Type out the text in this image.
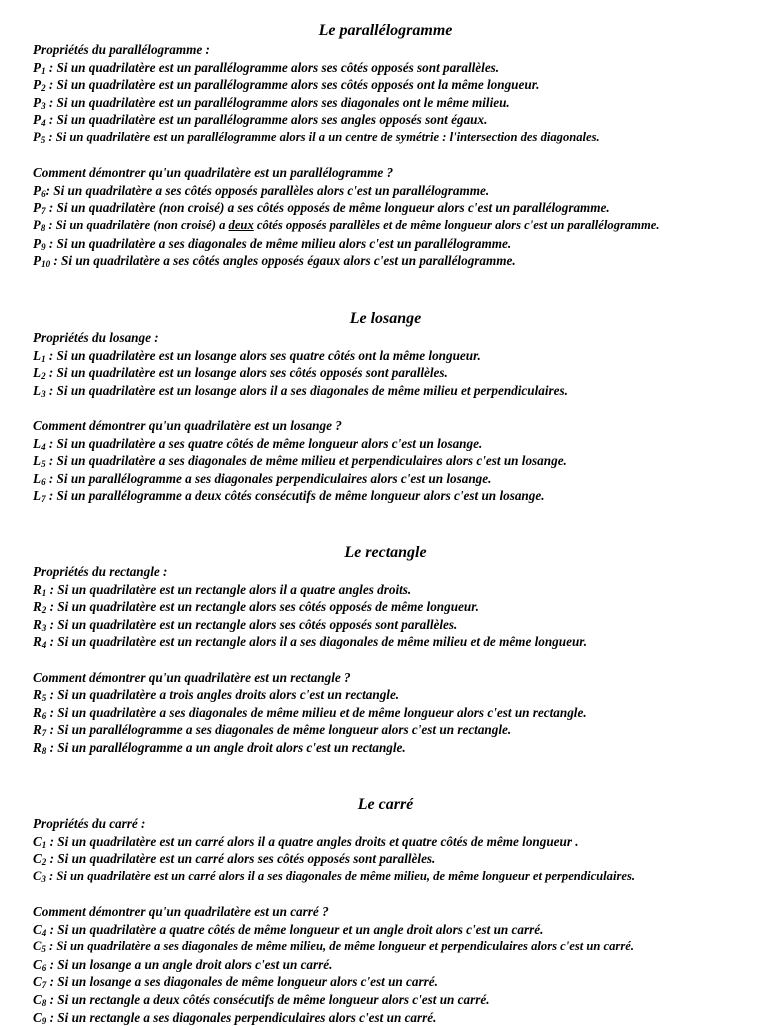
Le parallélogramme
Propriétés du parallélogramme :
$P_1$ : Si un quadrilatère est un parallélogramme alors ses côtés opposés sont parallèles.
$P_2$ : Si un quadrilatère est un parallélogramme alors ses côtés opposés ont la même longueur.
$P_3$ : Si un quadrilatère est un parallélogramme alors ses diagonales ont le même milieu.
$P_4$ : Si un quadrilatère est un parallélogramme alors ses angles opposés sont égaux.
$P_5$ : Si un quadrilatère est un parallélogramme alors il a un centre de symétrie : l'intersection des diagonales.
Comment démontrer qu'un quadrilatère est un parallélogramme ?
$P_6$: Si un quadrilatère a ses côtés opposés parallèles alors c'est un parallélogramme.
$P_7$ : Si un quadrilatère (non croisé) a ses côtés opposés de même longueur alors c'est un parallélogramme.
$P_8$ : Si un quadrilatère (non croisé) a deux côtés opposés parallèles et de même longueur alors c'est un parallélogramme.
$P_9$ : Si un quadrilatère a ses diagonales de même milieu alors c'est un parallélogramme.
$P_{10}$ : Si un quadrilatère a ses côtés angles opposés égaux alors c'est un parallélogramme.
Le losange
Propriétés du losange :
$L_1$ : Si un quadrilatère est un losange alors ses quatre côtés ont la même longueur.
$L_2$ : Si un quadrilatère est un losange alors ses côtés opposés sont parallèles.
$L_3$ : Si un quadrilatère est un losange alors il a ses diagonales de même milieu et perpendiculaires.
Comment démontrer qu'un quadrilatère est un losange ?
$L_4$ : Si un quadrilatère a ses quatre côtés de même longueur alors c'est un losange.
$L_5$ : Si un quadrilatère a ses diagonales de même milieu et perpendiculaires alors c'est un losange.
$L_6$ : Si un parallélogramme a ses diagonales perpendiculaires alors c'est un losange.
$L_7$ : Si un parallélogramme a deux côtés consécutifs de même longueur alors c'est un losange.
Le rectangle
Propriétés du rectangle :
$R_1$ : Si un quadrilatère est un rectangle alors il a quatre angles droits.
$R_2$ : Si un quadrilatère est un rectangle alors ses côtés opposés de même longueur.
$R_3$ : Si un quadrilatère est un rectangle alors ses côtés opposés sont parallèles.
$R_4$ : Si un quadrilatère est un rectangle alors il a ses diagonales de même milieu et de même longueur.
Comment démontrer qu'un quadrilatère est un rectangle ?
$R_5$ : Si un quadrilatère a trois angles droits alors c'est un rectangle.
$R_6$ : Si un quadrilatère a ses diagonales de même milieu et de même longueur alors c'est un rectangle.
$R_7$ : Si un parallélogramme a ses diagonales de même longueur alors c'est un rectangle.
$R_8$ : Si un parallélogramme a un angle droit alors c'est un rectangle.
Le carré
Propriétés du carré :
$C_1$ : Si un quadrilatère est un carré alors il a quatre angles droits et quatre côtés de même longueur .
$C_2$ : Si un quadrilatère est un carré alors ses côtés opposés sont parallèles.
$C_3$ : Si un quadrilatère est un carré alors il a ses diagonales de même milieu, de même longueur et perpendiculaires.
Comment démontrer qu'un quadrilatère est un carré ?
$C_4$ : Si un quadrilatère a quatre côtés de même longueur et un angle droit alors c'est un carré.
$C_5$ : Si un quadrilatère a ses diagonales de même milieu, de même longueur et perpendiculaires alors c'est un carré.
$C_6$ : Si un losange a un angle droit alors c'est un carré.
$C_7$ : Si un losange a ses diagonales de même longueur alors c'est un carré.
$C_8$ : Si un rectangle a deux côtés consécutifs de même longueur alors c'est un carré.
$C_9$ : Si un rectangle a ses diagonales perpendiculaires alors c'est un carré.
